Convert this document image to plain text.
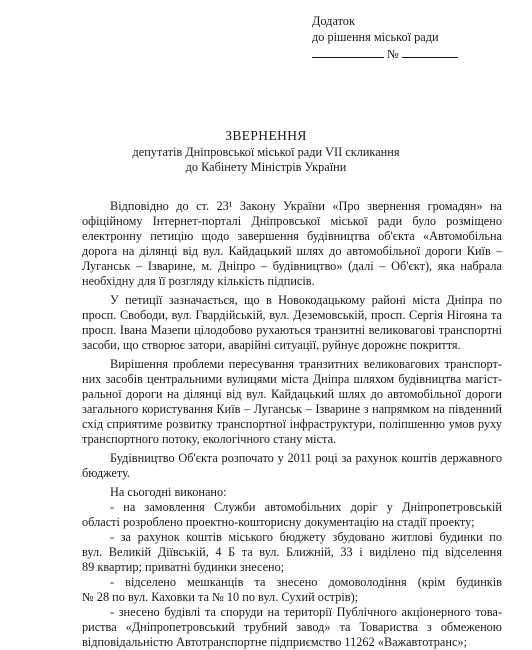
Додаток
до рішення міської ради
№
ЗВЕРНЕННЯ
депутатів Дніпровської міської ради VII скликання
до Кабінету Міністрів України
Відповідно до ст. 23¹ Закону України «Про звернення громадян» на
офіційному Інтернет-порталі Дніпровської міської ради було розміщено
електронну петицію щодо завершення будівництва об'єкта «Автомобільна
дорога на ділянці від вул. Кайдацький шлях до автомобільної дороги Київ –
Луганськ – Ізварине, м. Дніпро – будівництво» (далі – Об'єкт), яка набрала
необхідну для її розгляду кількість підписів.
У петиції зазначається, що в Новокодацькому районі міста Дніпра по
просп. Свободи, вул. Гвардійській, вул. Деземовській, просп. Сергія Нігояна та
просп. Івана Мазепи цілодобово рухаються транзитні великовагові транспортні
засоби, що створює затори, аварійні ситуації, руйнує дорожнє покриття.
Вирішення проблеми пересування транзитних великовагових транспорт-
них засобів центральними вулицями міста Дніпра шляхом будівництва магіст-
ральної дороги на ділянці від вул. Кайдацький шлях до автомобільної дороги
загального користування Київ – Луганськ – Ізварине з напрямком на південний
схід сприятиме розвитку транспортної інфраструктури, поліпшенню умов руху
транспортного потоку, екологічного стану міста.
Будівництво Об'єкта розпочато у 2011 році за рахунок коштів державного
бюджету.
На сьогодні виконано:
- на замовлення Служби автомобільних доріг у Дніпропетровській
області розроблено проектно-кошторисну документацію на стадії проекту;
- за рахунок коштів міського бюджету збудовано житлові будинки по
вул. Великій Діївській, 4 Б та вул. Ближній, 33 і виділено під відселення
89 квартир; приватні будинки знесено;
- відселено мешканців та знесено домоволодіння (крім будинків
№ 28 по вул. Каховки та № 10 по вул. Сухий острів);
- знесено будівлі та споруди на території Публічного акціонерного това-
риства «Дніпропетровський трубний завод» та Товариства з обмеженою
відповідальністю Автотранспортне підприємство 11262 «Важавтотранс»;
